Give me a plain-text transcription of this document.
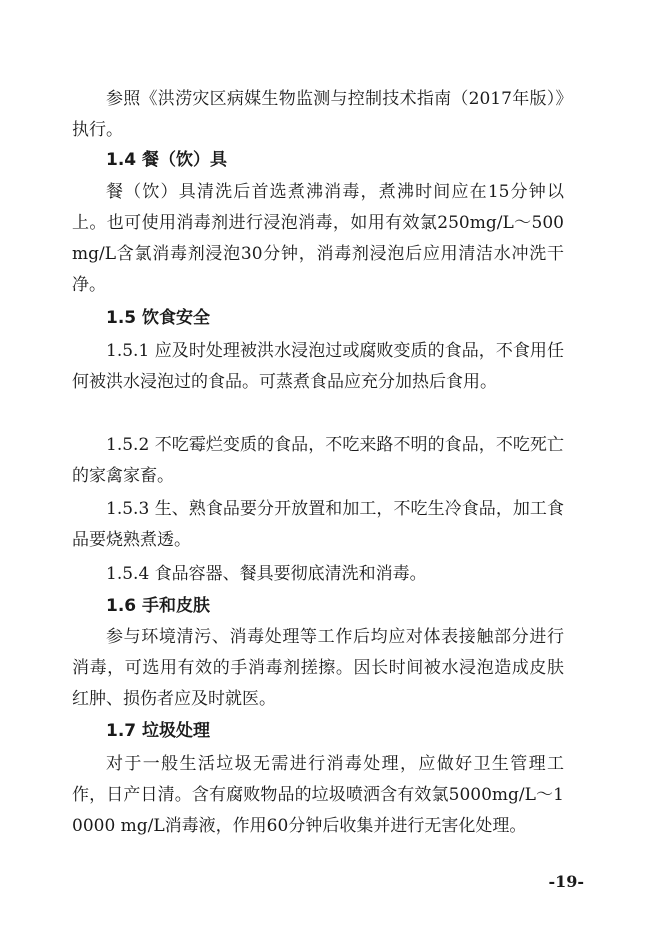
参照《洪涝灾区病媒生物监测与控制技术指南（2017年版）》执行。

1.4 餐（饮）具

餐（饮）具清洗后首选煮沸消毒，煮沸时间应在15分钟以上。也可使用消毒剂进行浸泡消毒，如用有效氯250mg/L～500mg/L含氯消毒剂浸泡30分钟，消毒剂浸泡后应用清洁水冲洗干净。

1.5 饮食安全

1.5.1 应及时处理被洪水浸泡过或腐败变质的食品，不食用任何被洪水浸泡过的食品。可蒸煮食品应充分加热后食用。

1.5.2 不吃霉烂变质的食品，不吃来路不明的食品，不吃死亡的家禽家畜。

1.5.3 生、熟食品要分开放置和加工，不吃生冷食品，加工食品要烧熟煮透。

1.5.4 食品容器、餐具要彻底清洗和消毒。

1.6 手和皮肤

参与环境清污、消毒处理等工作后均应对体表接触部分进行消毒，可选用有效的手消毒剂搓擦。因长时间被水浸泡造成皮肤红肿、损伤者应及时就医。

1.7 垃圾处理

对于一般生活垃圾无需进行消毒处理，应做好卫生管理工作，日产日清。含有腐败物品的垃圾喷洒含有效氯5000mg/L～10000 mg/L消毒液，作用60分钟后收集并进行无害化处理。

-19-
